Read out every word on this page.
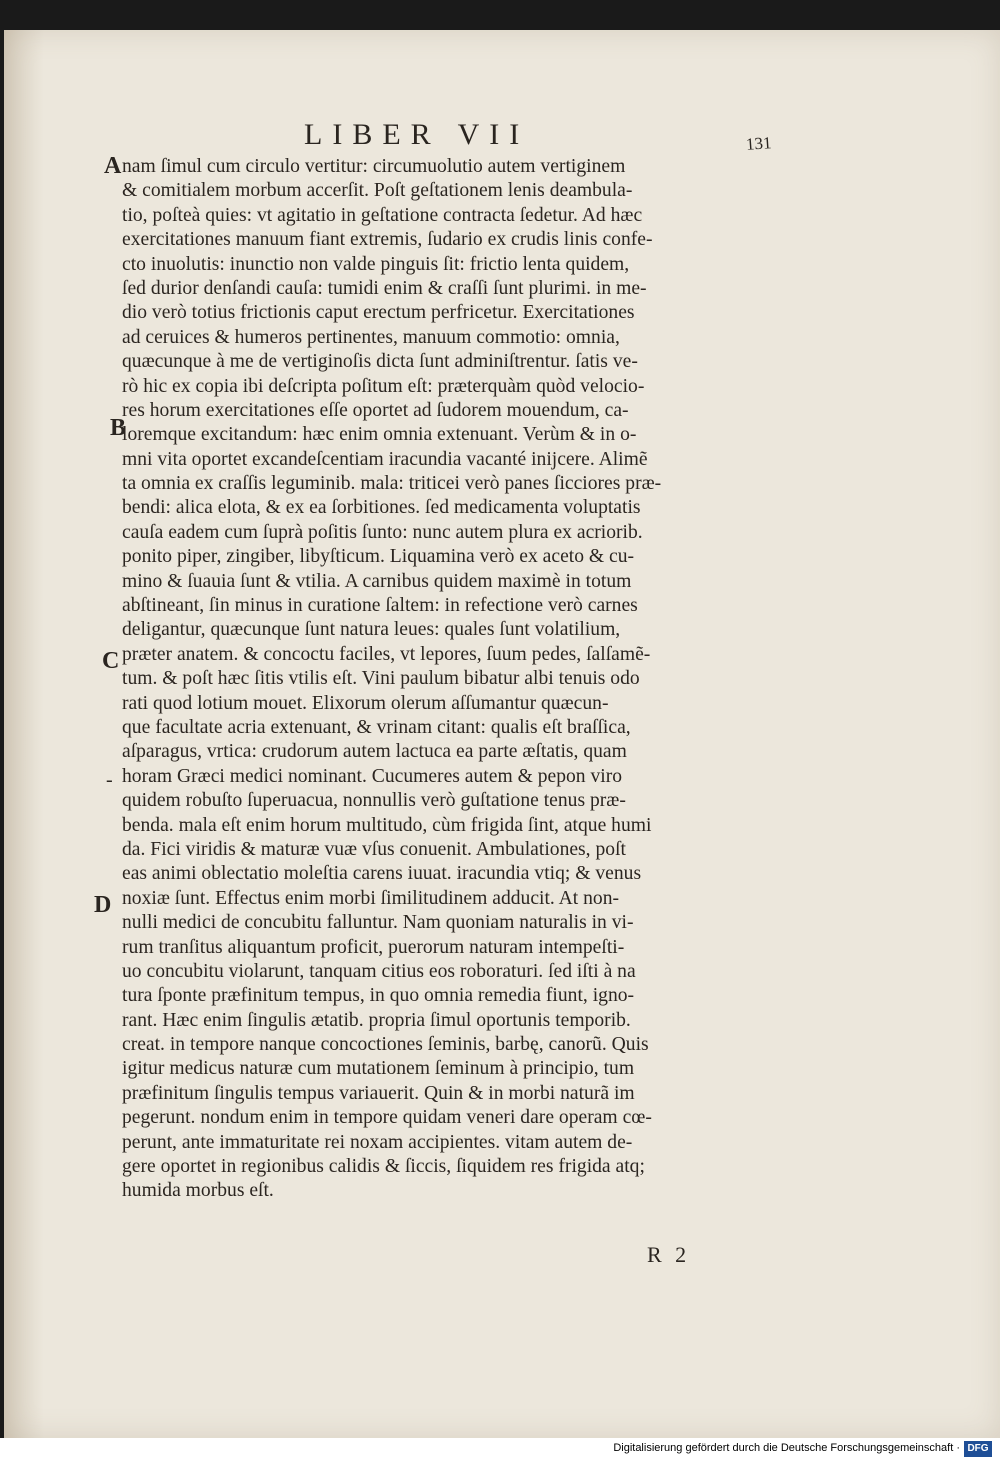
LIBER VII	131
A
B
C
D
-
nam ſimul cum circulo vertitur: circumuolutio autem vertiginem
& comitialem morbum accerſit. Poſt geſtationem lenis deambula-
tio, poſteà quies: vt agitatio in geſtatione contracta ſedetur. Ad hæc
exercitationes manuum fiant extremis, ſudario ex crudis linis confe-
cto inuolutis: inunctio non valde pinguis ſit: frictio lenta quidem,
ſed durior denſandi cauſa: tumidi enim & craſſi ſunt plurimi. in me-
dio verò totius frictionis caput erectum perfricetur. Exercitationes
ad ceruices & humeros pertinentes, manuum commotio: omnia,
quæcunque à me de vertiginoſis dicta ſunt adminiſtrentur. ſatis ve-
rò hic ex copia ibi deſcripta poſitum eſt: præterquàm quòd velocio-
res horum exercitationes eſſe oportet ad ſudorem mouendum, ca-
loremque excitandum: hæc enim omnia extenuant. Verùm & in o-
mni vita oportet excandeſcentiam iracundia vacanté inijcere. Alimẽ
ta omnia ex craſſis leguminib. mala: triticei verò panes ſicciores præ-
bendi: alica elota, & ex ea ſorbitiones. ſed medicamenta voluptatis
cauſa eadem cum ſuprà poſitis ſunto: nunc autem plura ex acriorib.
ponito piper, zingiber, libyſticum. Liquamina verò ex aceto & cu-
mino & ſuauia ſunt & vtilia. A carnibus quidem maximè in totum
abſtineant, ſin minus in curatione ſaltem: in refectione verò carnes
deligantur, quæcunque ſunt natura leues: quales ſunt volatilium,
præter anatem. & concoctu faciles, vt lepores, ſuum pedes, ſalſamẽ-
tum. & poſt hæc ſitis vtilis eſt. Vini paulum bibatur albi tenuis odo
rati quod lotium mouet. Elixorum olerum aſſumantur quæcun-
que facultate acria extenuant, & vrinam citant: qualis eſt braſſica,
aſparagus, vrtica: crudorum autem lactuca ea parte æſtatis, quam
horam Græci medici nominant. Cucumeres autem & pepon viro
quidem robuſto ſuperuacua, nonnullis verò guſtatione tenus præ-
benda. mala eſt enim horum multitudo, cùm frigida ſint, atque humi
da. Fici viridis & maturæ vuæ vſus conuenit. Ambulationes, poſt
eas animi oblectatio moleſtia carens iuuat. iracundia vtiq; & venus
noxiæ ſunt. Effectus enim morbi ſimilitudinem adducit. At non-
nulli medici de concubitu falluntur. Nam quoniam naturalis in vi-
rum tranſitus aliquantum proficit, puerorum naturam intempeſti-
uo concubitu violarunt, tanquam citius eos roboraturi. ſed iſti à na
tura ſponte præfinitum tempus, in quo omnia remedia fiunt, igno-
rant. Hæc enim ſingulis ætatib. propria ſimul oportunis temporib.
creat. in tempore nanque concoctiones ſeminis, barbę, canorũ. Quis
igitur medicus naturæ cum mutationem ſeminum à principio, tum
præfinitum ſingulis tempus variauerit. Quin & in morbi naturã im
pegerunt. nondum enim in tempore quidam veneri dare operam cœ-
perunt, ante immaturitate rei noxam accipientes. vitam autem de-
gere oportet in regionibus calidis & ſiccis, ſiquidem res frigida atq;
humida morbus eſt.
R 2
Digitalisierung gefördert durch die Deutsche Forschungsgemeinschaft · DFG
